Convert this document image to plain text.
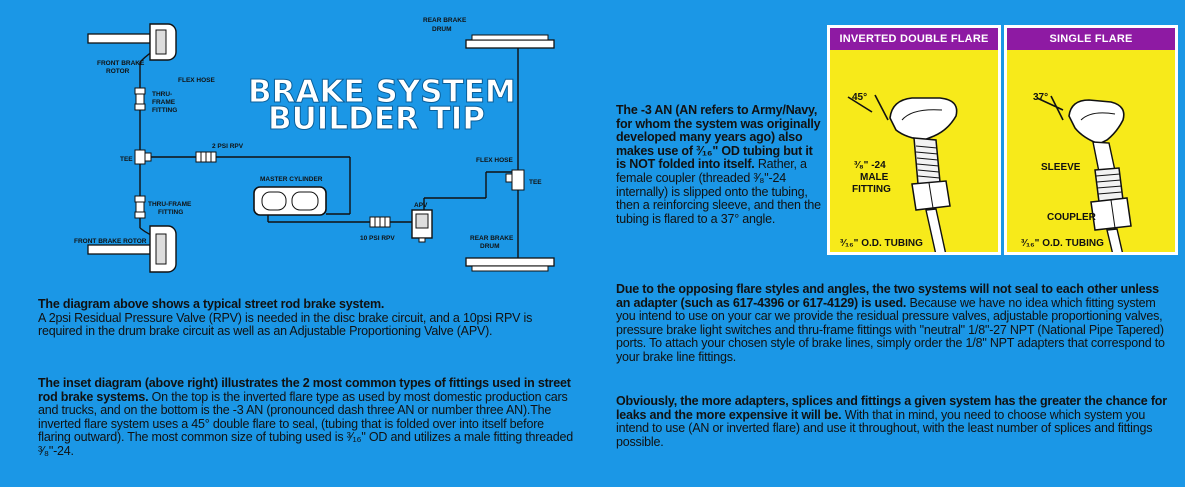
BRAKE SYSTEM
BUILDER TIP
REAR BRAKE
DRUM
FRONT BRAKE
ROTOR
FLEX HOSE
THRU-
FRAME
FITTING
TEE
2 PSI RPV
MASTER CYLINDER
FLEX HOSE
TEE
THRU-FRAME
FITTING
APV
FRONT BRAKE ROTOR	10 PSI RPV	REAR BRAKE
DRUM
The -3 AN (AN refers to Army/Navy, for whom the system was originally developed many years ago) also makes use of ³⁄₁₆" OD tubing but it is NOT folded into itself. Rather, a female coupler (threaded ³⁄₈"-24 internally) is slipped onto the tubing, then a reinforcing sleeve, and then the tubing is flared to a 37° angle.
INVERTED DOUBLE FLARE
45°
³⁄₈" -24
MALE
FITTING
³⁄₁₆" O.D. TUBING
SINGLE FLARE
37°
SLEEVE
COUPLER
³⁄₁₆" O.D. TUBING
The diagram above shows a typical street rod brake system.
A 2psi Residual Pressure Valve (RPV) is needed in the disc brake circuit, and a 10psi RPV is required in the drum brake circuit as well as an Adjustable Proportioning Valve (APV).
The inset diagram (above right) illustrates the 2 most common types of fittings used in street rod brake systems. On the top is the inverted flare type as used by most domestic production cars and trucks, and on the bottom is the -3 AN (pronounced dash three AN or number three AN).The inverted flare system uses a 45° double flare to seal, (tubing that is folded over into itself before flaring outward). The most common size of tubing used is ³⁄₁₆" OD and utilizes a male fitting threaded ³⁄₈"-24.
Due to the opposing flare styles and angles, the two systems will not seal to each other unless an adapter (such as 617-4396 or 617-4129) is used. Because we have no idea which fitting system you intend to use on your car we provide the residual pressure valves, adjustable proportioning valves, pressure brake light switches and thru-frame fittings with "neutral" 1/8"-27 NPT (National Pipe Tapered) ports. To attach your chosen style of brake lines, simply order the 1/8" NPT adapters that correspond to your brake line fittings.
Obviously, the more adapters, splices and fittings a given system has the greater the chance for leaks and the more expensive it will be. With that in mind, you need to choose which system you intend to use (AN or inverted flare) and use it throughout, with the least number of splices and fittings possible.
